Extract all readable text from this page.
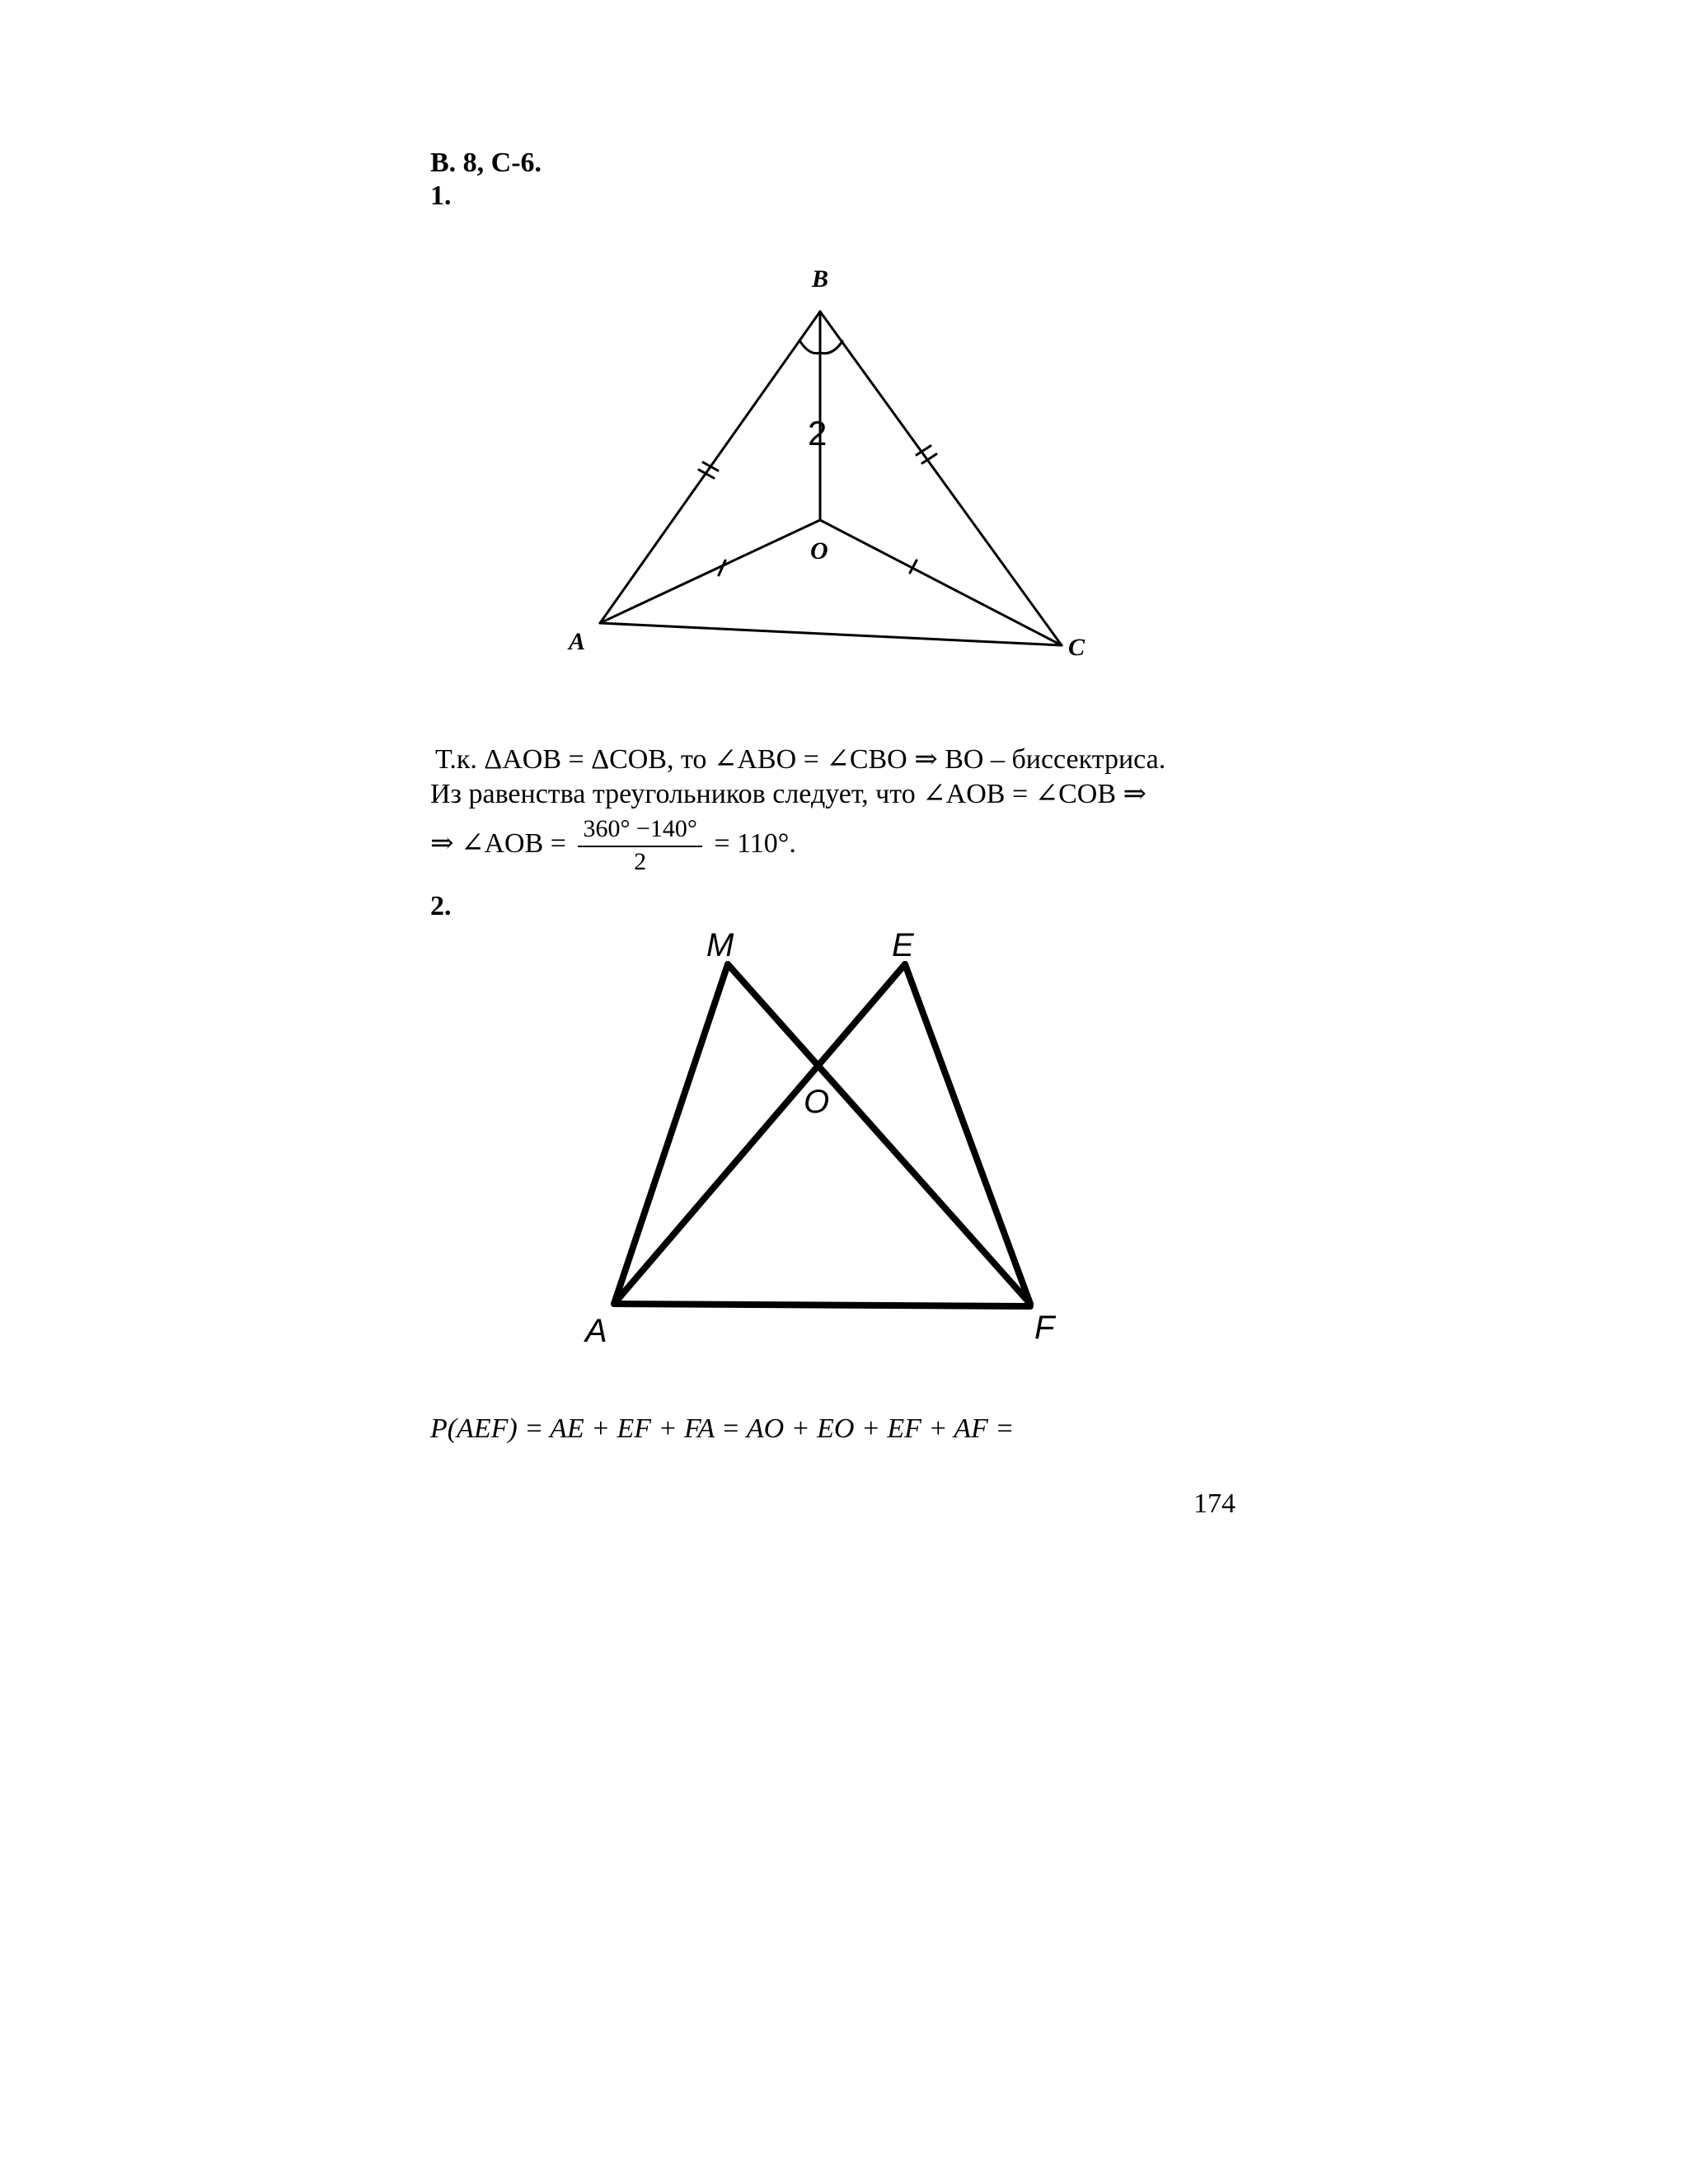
В. 8, С-6.
1.
B
O
A	C
2
Т.к. ΔAOB = ΔCOB, то ∠ABO = ∠CBO ⇒ BO – биссектриса.
Из равенства треугольников следует, что ∠AOB = ∠COB ⇒
⇒ ∠AOB = $\frac{360^\circ -140^\circ}{2} = 110^\circ$.
2.
M	E
O
A	F
P(AEF) = AE + EF + FA = AO + EO + EF + AF =
174
